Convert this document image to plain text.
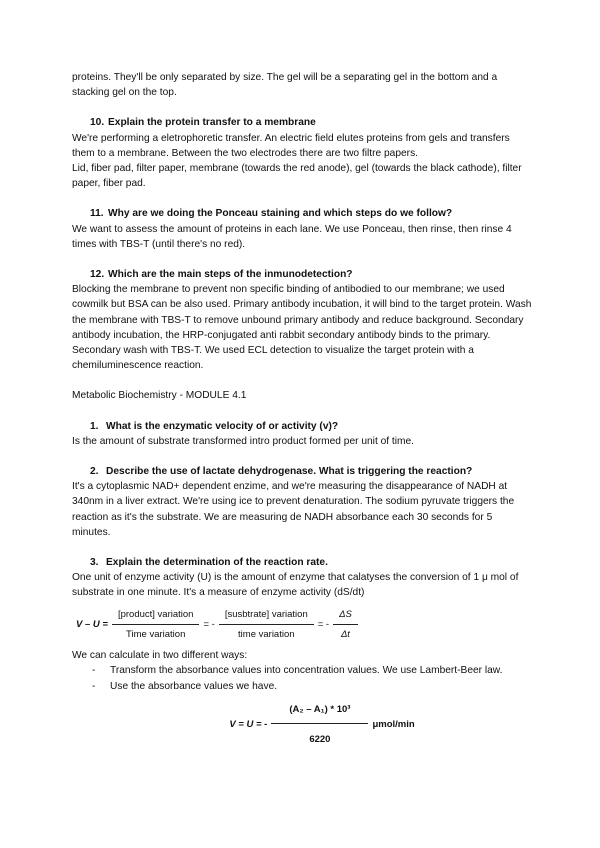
proteins. They'll be only separated by size. The gel will be a separating gel in the bottom and a stacking gel on the top.

10. Explain the protein transfer to a membrane

We're performing a eletrophoretic transfer. An electric field elutes proteins from gels and transfers them to a membrane. Between the two electrodes there are two filtre papers.

Lid, fiber pad, filter paper, membrane (towards the red anode), gel (towards the black cathode), filter paper, fiber pad.

11. Why are we doing the Ponceau staining and which steps do we follow?

We want to assess the amount of proteins in each lane. We use Ponceau, then rinse, then rinse 4 times with TBS-T (until there's no red).

12. Which are the main steps of the inmunodetection?

Blocking the membrane to prevent non specific binding of antibodied to our membrane; we used cowmilk but BSA can be also used. Primary antibody incubation, it will bind to the target protein. Wash the membrane with TBS-T to remove unbound primary antibody and reduce background. Secondary antibody incubation, the HRP-conjugated anti rabbit secondary antibody binds to the primary. Secondary wash with TBS-T. We used ECL detection to visualize the target protein with a chemiluminescence reaction.

Metabolic Biochemistry - MODULE 4.1

1. What is the enzymatic velocity of or activity (v)?

Is the amount of substrate transformed intro product formed per unit of time.

2. Describe the use of lactate dehydrogenase. What is triggering the reaction?

It's a cytoplasmic NAD+ dependent enzime, and we're measuring the disappearance of NADH at 340nm in a liver extract. We're using ice to prevent denaturation. The sodium pyruvate triggers the reaction as it's the substrate. We are measuring de NADH absorbance each 30 seconds for 5 minutes.

3. Explain the determination of the reaction rate.

One unit of enzyme activity (U) is the amount of enzyme that calatyses the conversion of 1 μ mol of substrate in one minute. It's a measure of enzyme activity (dS/dt)

$V - U = \frac{\text{[product] variation}}{\text{Time variation}}$ = - $\frac{\text{[susbtrate] variation}}{\text{time variation}}$ = - $\frac{\Delta S}{\Delta t}$

We can calculate in two different ways:

- Transform the absorbance values into concentration values. We use Lambert-Beer law.
- Use the absorbance values we have.
V = U = - $\frac{\text{(A₂ – A₁) * 10³}}{6220} \mu mol/\min$
